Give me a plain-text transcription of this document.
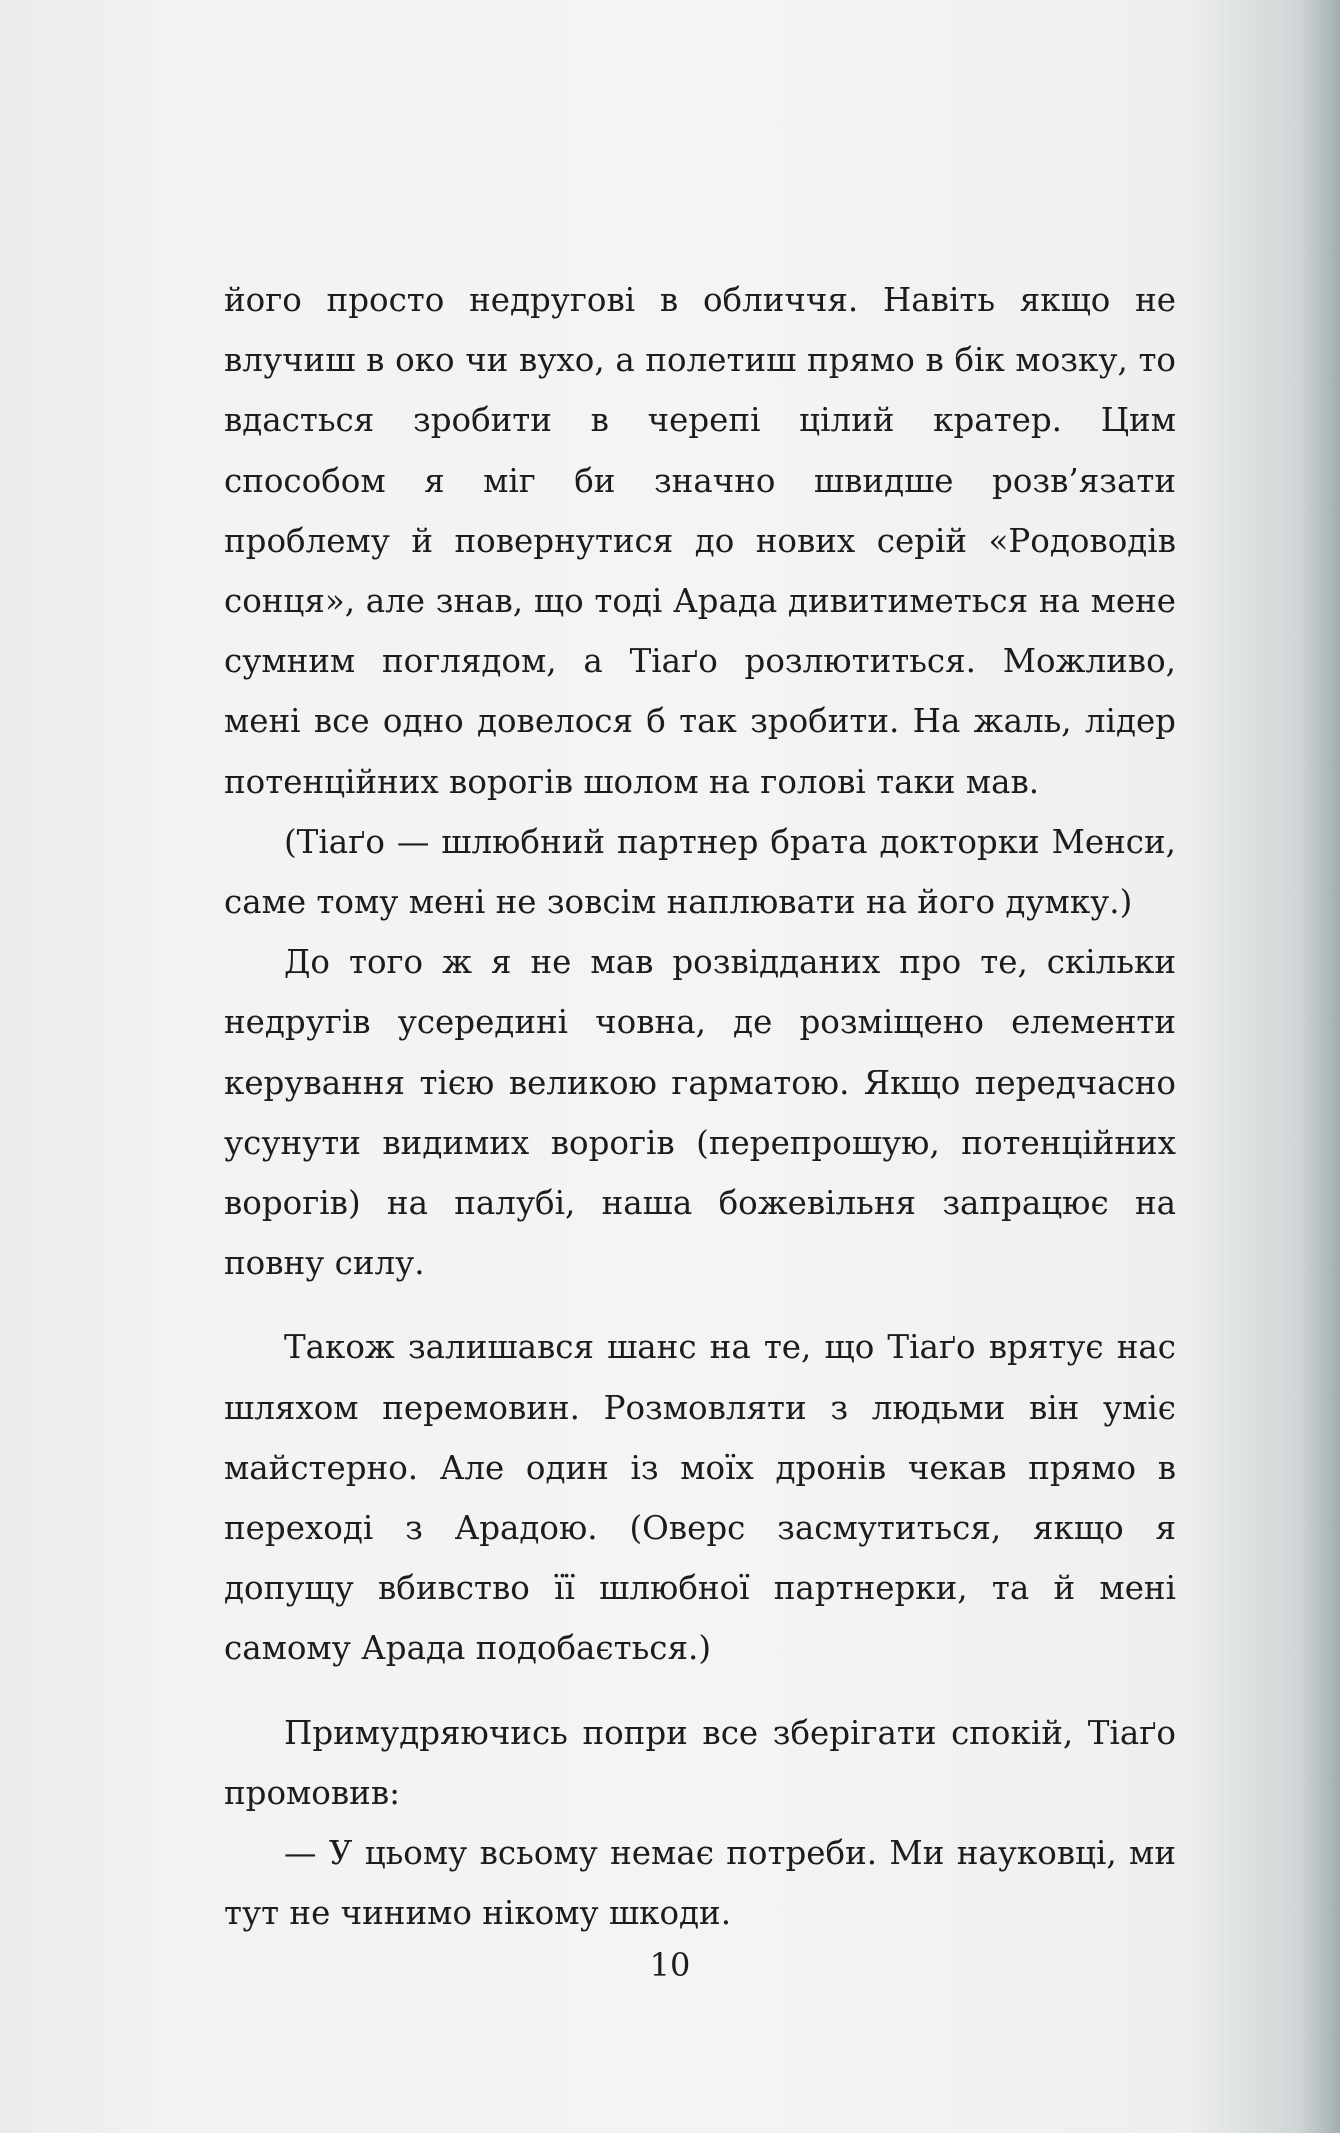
його просто недругові в обличчя. Навіть якщо не влучиш в око чи вухо, а полетиш прямо в бік мозку, то вдасться зробити в черепі цілий кратер. Цим способом я міг би значно швидше розв’язати проблему й повернутися до нових серій «Родоводів сонця», але знав, що тоді Арада дивитиметься на мене сумним поглядом, а Тіаґо розлютиться. Можливо, мені все одно довелося б так зробити. На жаль, лідер потенційних ворогів шолом на голові таки мав.

(Тіаґо — шлюбний партнер брата докторки Менси, саме тому мені не зовсім наплювати на його думку.)

До того ж я не мав розвідданих про те, скільки недругів усередині човна, де розміщено елементи керування тією великою гарматою. Якщо передчасно усунути видимих ворогів (перепрошую, потенційних ворогів) на палубі, наша божевільня запрацює на повну силу.

Також залишався шанс на те, що Тіаґо врятує нас шляхом перемовин. Розмовляти з людьми він уміє майстерно. Але один із моїх дронів чекав прямо в переході з Арадою. (Оверс засмутиться, якщо я допущу вбивство її шлюбної партнерки, та й мені самому Арада подобається.)

Примудряючись попри все зберігати спокій, Тіаґо промовив:

— У цьому всьому немає потреби. Ми науковці, ми тут не чинимо нікому шкоди.

10
